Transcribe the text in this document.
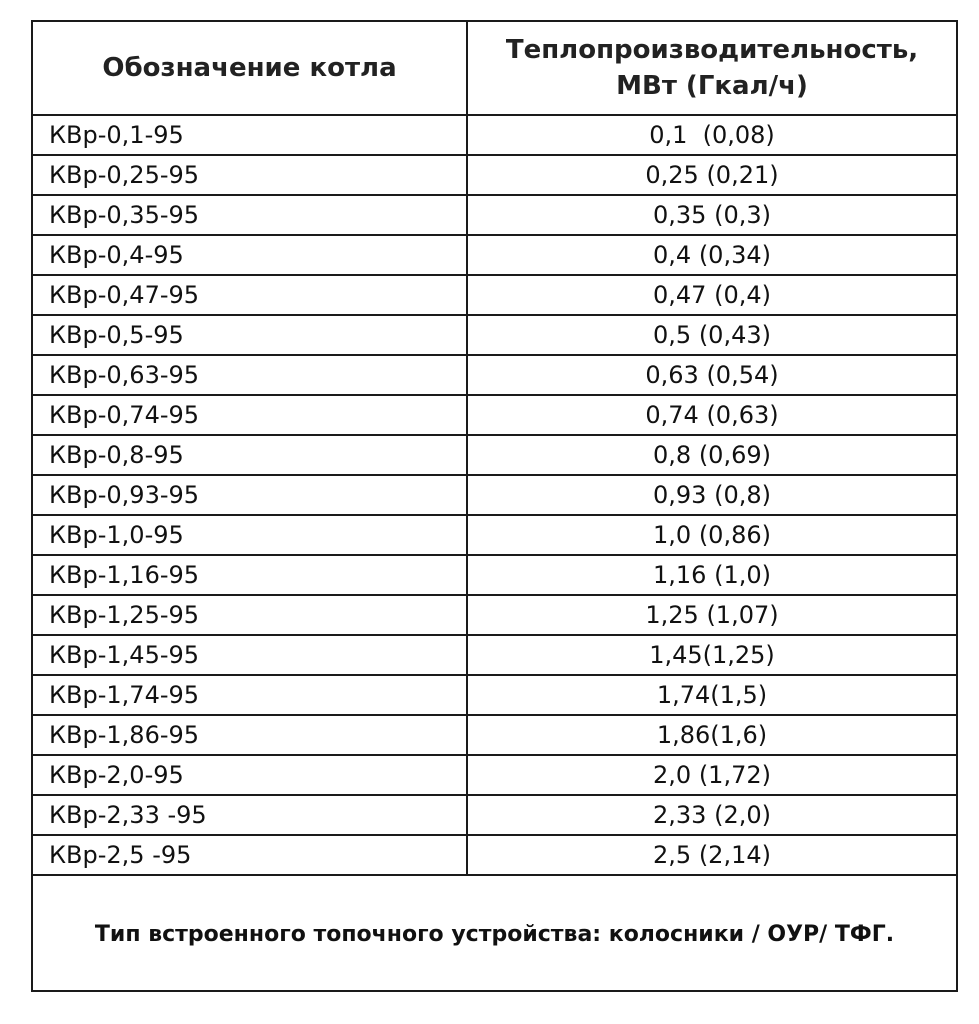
Обозначение котла	Теплопроизводительность,
МВт (Гкал/ч)

КВр-0,1-95	0,1  (0,08)
КВр-0,25-95	0,25 (0,21)
КВр-0,35-95	0,35 (0,3)
КВр-0,4-95	0,4 (0,34)
КВр-0,47-95	0,47 (0,4)
КВр-0,5-95	0,5 (0,43)
КВр-0,63-95	0,63 (0,54)
КВр-0,74-95	0,74 (0,63)
КВр-0,8-95	0,8 (0,69)
КВр-0,93-95	0,93 (0,8)
КВр-1,0-95	1,0 (0,86)
КВр-1,16-95	1,16 (1,0)
КВр-1,25-95	1,25 (1,07)
КВр-1,45-95	1,45(1,25)
КВр-1,74-95	1,74(1,5)
КВр-1,86-95	1,86(1,6)
КВр-2,0-95	2,0 (1,72)
КВр-2,33 -95	2,33 (2,0)
КВр-2,5 -95	2,5 (2,14)
Тип встроенного топочного устройства: колосники / ОУР/ ТФГ.
